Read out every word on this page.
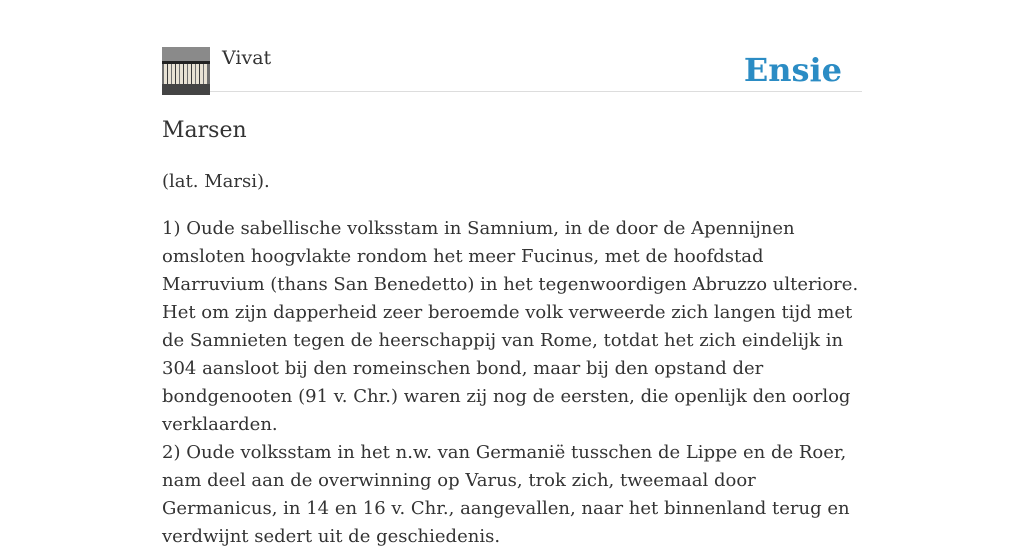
Vivat	Ensie
Marsen

(lat. Marsi).

1) Oude sabellische volksstam in Samnium, in de door de Apennijnen omsloten hoogvlakte rondom het meer Fucinus, met de hoofdstad Marruvium (thans San Benedetto) in het tegenwoordigen Abruzzo ulteriore. Het om zijn dapperheid zeer beroemde volk verweerde zich langen tijd met de Samnieten tegen de heerschappij van Rome, totdat het zich eindelijk in 304 aansloot bij den romeinschen bond, maar bij den opstand der bondgenooten (91 v. Chr.) waren zij nog de eersten, die openlijk den oorlog verklaarden.

2) Oude volksstam in het n.w. van Germanië tusschen de Lippe en de Roer, nam deel aan de overwinning op Varus, trok zich, tweemaal door Germanicus, in 14 en 16 v. Chr., aangevallen, naar het binnenland terug en verdwijnt sedert uit de geschiedenis.
